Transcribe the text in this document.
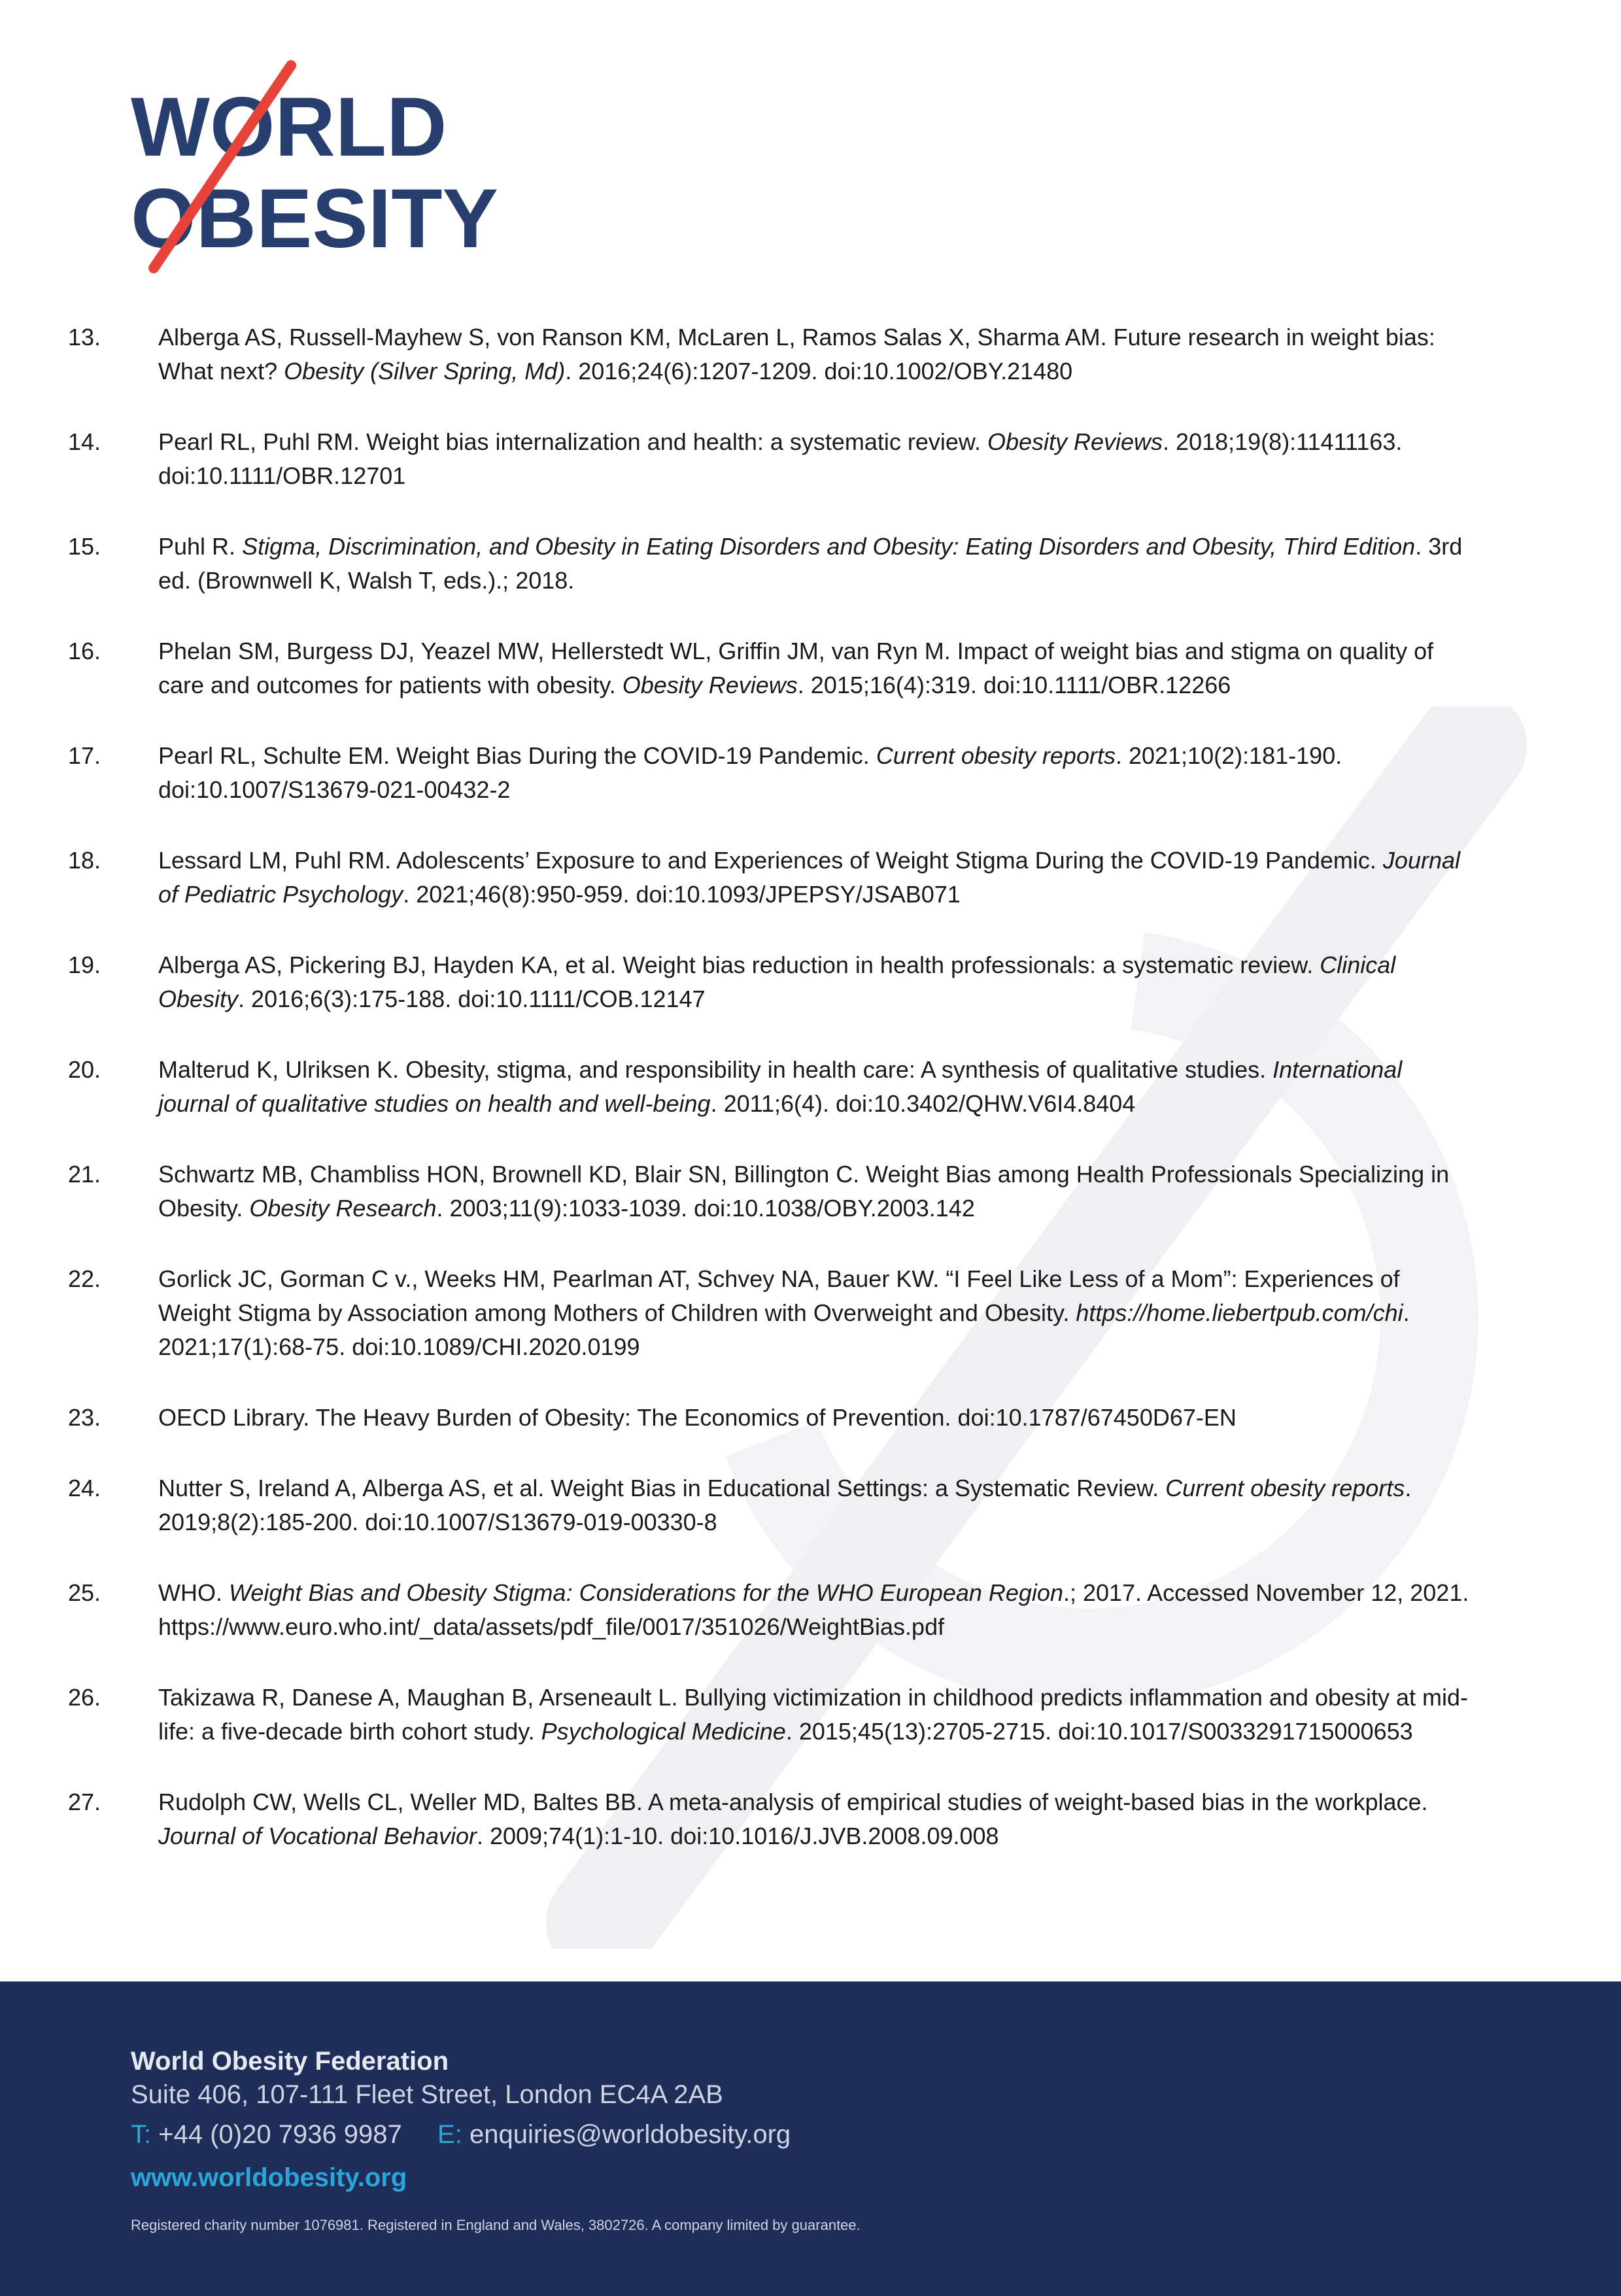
WORLD
OBESITY
13.	Alberga AS, Russell-Mayhew S, von Ranson KM, McLaren L, Ramos Salas X, Sharma AM. Future research in weight bias: What next? Obesity (Silver Spring, Md). 2016;24(6):1207-1209. doi:10.1002/OBY.21480
14.	Pearl RL, Puhl RM. Weight bias internalization and health: a systematic review. Obesity Reviews. 2018;19(8):11411163. doi:10.1111/OBR.12701
15.	Puhl R. Stigma, Discrimination, and Obesity in Eating Disorders and Obesity: Eating Disorders and Obesity, Third Edition. 3rd ed. (Brownwell K, Walsh T, eds.).; 2018.
16.	Phelan SM, Burgess DJ, Yeazel MW, Hellerstedt WL, Griffin JM, van Ryn M. Impact of weight bias and stigma on quality of care and outcomes for patients with obesity. Obesity Reviews. 2015;16(4):319. doi:10.1111/OBR.12266
17.	Pearl RL, Schulte EM. Weight Bias During the COVID-19 Pandemic. Current obesity reports. 2021;10(2):181-190. doi:10.1007/S13679-021-00432-2
18.	Lessard LM, Puhl RM. Adolescents’ Exposure to and Experiences of Weight Stigma During the COVID-19 Pandemic. Journal of Pediatric Psychology. 2021;46(8):950-959. doi:10.1093/JPEPSY/JSAB071
19.	Alberga AS, Pickering BJ, Hayden KA, et al. Weight bias reduction in health professionals: a systematic review. Clinical Obesity. 2016;6(3):175-188. doi:10.1111/COB.12147
20.	Malterud K, Ulriksen K. Obesity, stigma, and responsibility in health care: A synthesis of qualitative studies. International journal of qualitative studies on health and well-being. 2011;6(4). doi:10.3402/QHW.V6I4.8404
21.	Schwartz MB, Chambliss HON, Brownell KD, Blair SN, Billington C. Weight Bias among Health Professionals Specializing in Obesity. Obesity Research. 2003;11(9):1033-1039. doi:10.1038/OBY.2003.142
22.	Gorlick JC, Gorman C v., Weeks HM, Pearlman AT, Schvey NA, Bauer KW. “I Feel Like Less of a Mom”: Experiences of Weight Stigma by Association among Mothers of Children with Overweight and Obesity. https://home.liebertpub.com/chi. 2021;17(1):68-75. doi:10.1089/CHI.2020.0199
23.	OECD Library. The Heavy Burden of Obesity: The Economics of Prevention. doi:10.1787/67450D67-EN
24.	Nutter S, Ireland A, Alberga AS, et al. Weight Bias in Educational Settings: a Systematic Review. Current obesity reports. 2019;8(2):185-200. doi:10.1007/S13679-019-00330-8
25.	WHO. Weight Bias and Obesity Stigma: Considerations for the WHO European Region.; 2017. Accessed November 12, 2021. https://www.euro.who.int/_data/assets/pdf_file/0017/351026/WeightBias.pdf
26.	Takizawa R, Danese A, Maughan B, Arseneault L. Bullying victimization in childhood predicts inflammation and obesity at mid-life: a five-decade birth cohort study. Psychological Medicine. 2015;45(13):2705-2715. doi:10.1017/S0033291715000653
27.	Rudolph CW, Wells CL, Weller MD, Baltes BB. A meta-analysis of empirical studies of weight-based bias in the workplace. Journal of Vocational Behavior. 2009;74(1):1-10. doi:10.1016/J.JVB.2008.09.008
World Obesity Federation
Suite 406, 107-111 Fleet Street, London EC4A 2AB
T: +44 (0)20 7936 9987 E: enquiries@worldobesity.org
www.worldobesity.org
Registered charity number 1076981. Registered in England and Wales, 3802726. A company limited by guarantee.
